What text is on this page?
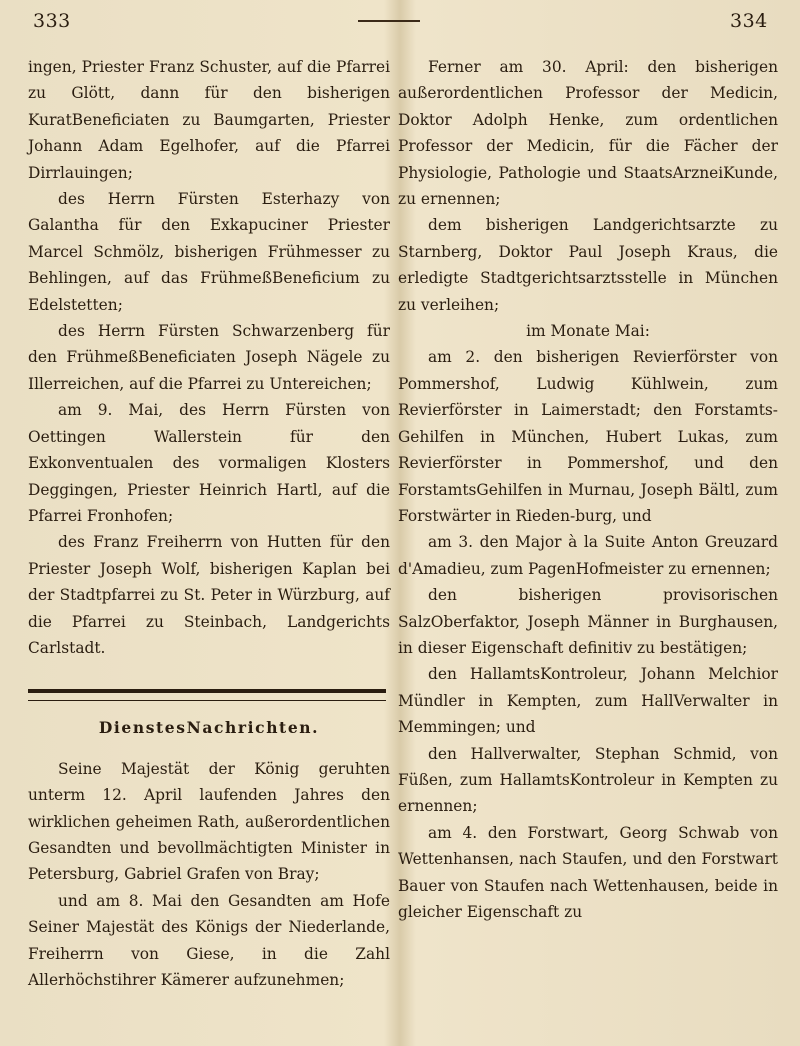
333	334

ingen, Priester Franz Schuster, auf die Pfarrei zu Glött, dann für den bisherigen KuratBeneficiaten zu Baumgarten, Priester Johann Adam Egelhofer, auf die Pfarrei Dirrlauingen;

des Herrn Fürsten Esterhazy von Galantha für den Exkapuciner Priester Marcel Schmölz, bisherigen Frühmesser zu Behlingen, auf das FrühmeßBeneficium zu Edelstetten;

des Herrn Fürsten Schwarzenberg für den FrühmeßBeneficiaten Joseph Nägele zu Illerreichen, auf die Pfarrei zu Untereichen;

am 9. Mai, des Herrn Fürsten von Oettingen Wallerstein für den Exkonventualen des vormaligen Klosters Deggingen, Priester Heinrich Hartl, auf die Pfarrei Fronhofen;

des Franz Freiherrn von Hutten für den Priester Joseph Wolf, bisherigen Kaplan bei der Stadtpfarrei zu St. Peter in Würzburg, auf die Pfarrei zu Steinbach, Landgerichts Carlstadt.

DienstesNachrichten.

Seine Majestät der König geruhten unterm 12. April laufenden Jahres den wirklichen geheimen Rath, außerordentlichen Gesandten und bevollmächtigten Minister in Petersburg, Gabriel Grafen von Bray;

und am 8. Mai den Gesandten am Hofe Seiner Majestät des Königs der Niederlande, Freiherrn von Giese, in die Zahl Allerhöchstihrer Kämerer aufzunehmen;

Ferner am 30. April: den bisherigen außerordentlichen Professor der Medicin, Doktor Adolph Henke, zum ordentlichen Professor der Medicin, für die Fächer der Physiologie, Pathologie und StaatsArzneiKunde, zu ernennen;

dem bisherigen Landgerichtsarzte zu Starnberg, Doktor Paul Joseph Kraus, die erledigte Stadtgerichtsarztsstelle in München zu verleihen;

im Monate Mai:

am 2. den bisherigen Revierförster von Pommershof, Ludwig Kühlwein, zum Revierförster in Laimerstadt; den Forstamts-Gehilfen in München, Hubert Lukas, zum Revierförster in Pommershof, und den ForstamtsGehilfen in Murnau, Joseph Bältl, zum Forstwärter in Rieden-burg, und

am 3. den Major à la Suite Anton Greuzard d'Amadieu, zum PagenHofmeister zu ernennen;

den bisherigen provisorischen SalzOberfaktor, Joseph Männer in Burghausen, in dieser Eigenschaft definitiv zu bestätigen;

den HallamtsKontroleur, Johann Melchior Mündler in Kempten, zum HallVerwalter in Memmingen; und

den Hallverwalter, Stephan Schmid, von Füßen, zum HallamtsKontroleur in Kempten zu ernennen;

am 4. den Forstwart, Georg Schwab von Wettenhansen, nach Staufen, und den Forstwart Bauer von Staufen nach Wettenhausen, beide in gleicher Eigenschaft zu
